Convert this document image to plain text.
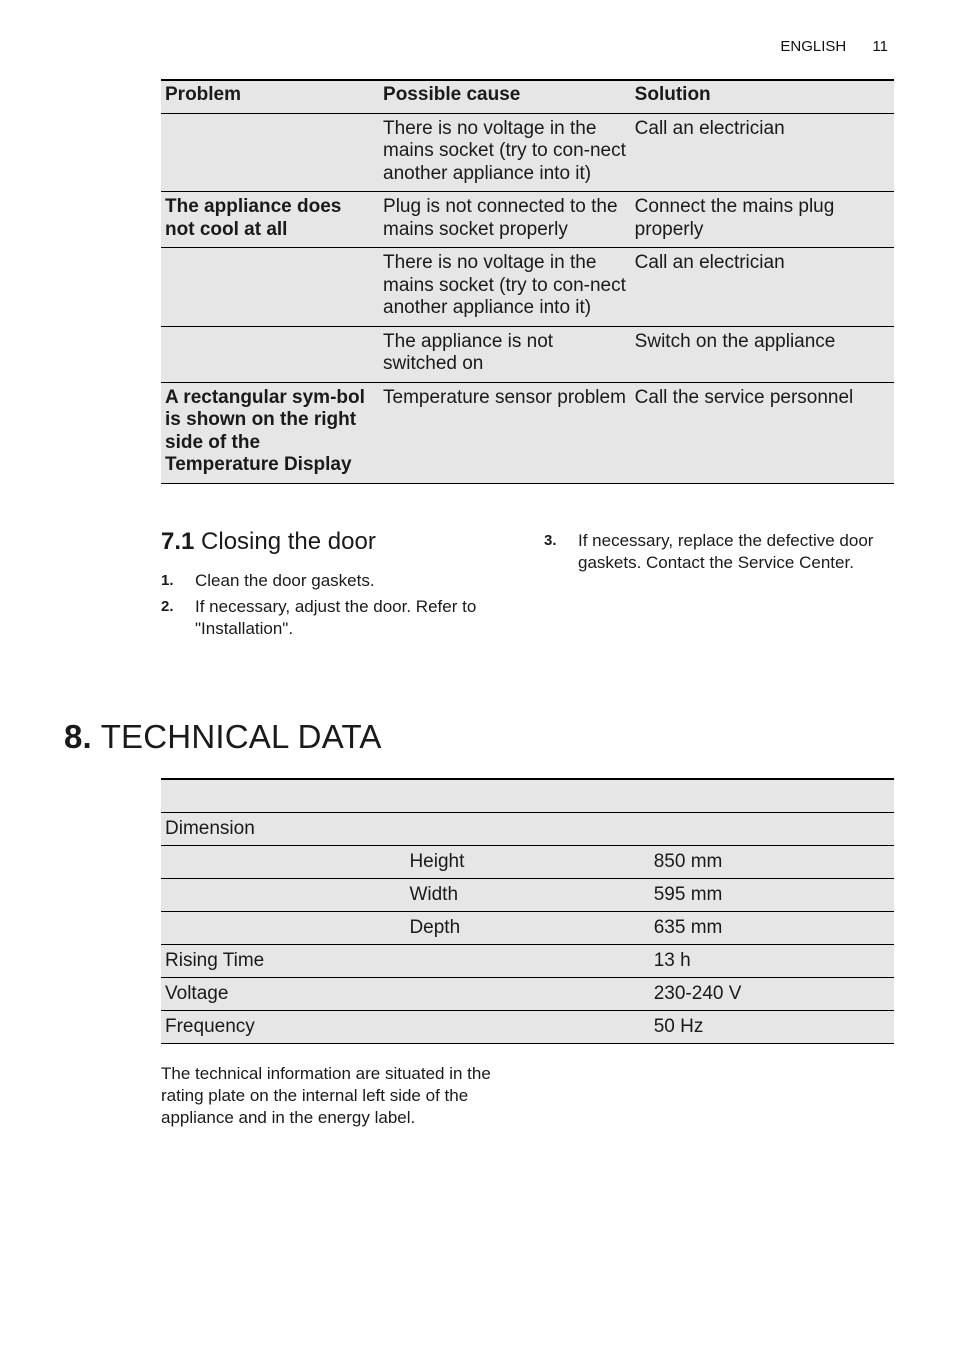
ENGLISH 11
Problem	Possible cause	Solution
	There is no voltage in the mains socket (try to con-nect another appliance into it)	Call an electrician
The appliance does not cool at all	Plug is not connected to the mains socket properly	Connect the mains plug properly
	There is no voltage in the mains socket (try to con-nect another appliance into it)	Call an electrician
	The appliance is not switched on	Switch on the appliance
A rectangular sym-bol is shown on the right side of the Temperature Display	Temperature sensor problem	Call the service personnel
7.1 Closing the door
1. Clean the door gaskets.
2. If necessary, adjust the door. Refer to "Installation".
3. If necessary, replace the defective door gaskets. Contact the Service Center.
8. TECHNICAL DATA

Dimension		
	Height	850 mm
	Width	595 mm
	Depth	635 mm
Rising Time		13 h
Voltage		230-240 V
Frequency		50 Hz

The technical information are situated in the rating plate on the internal left side of the appliance and in the energy label.
